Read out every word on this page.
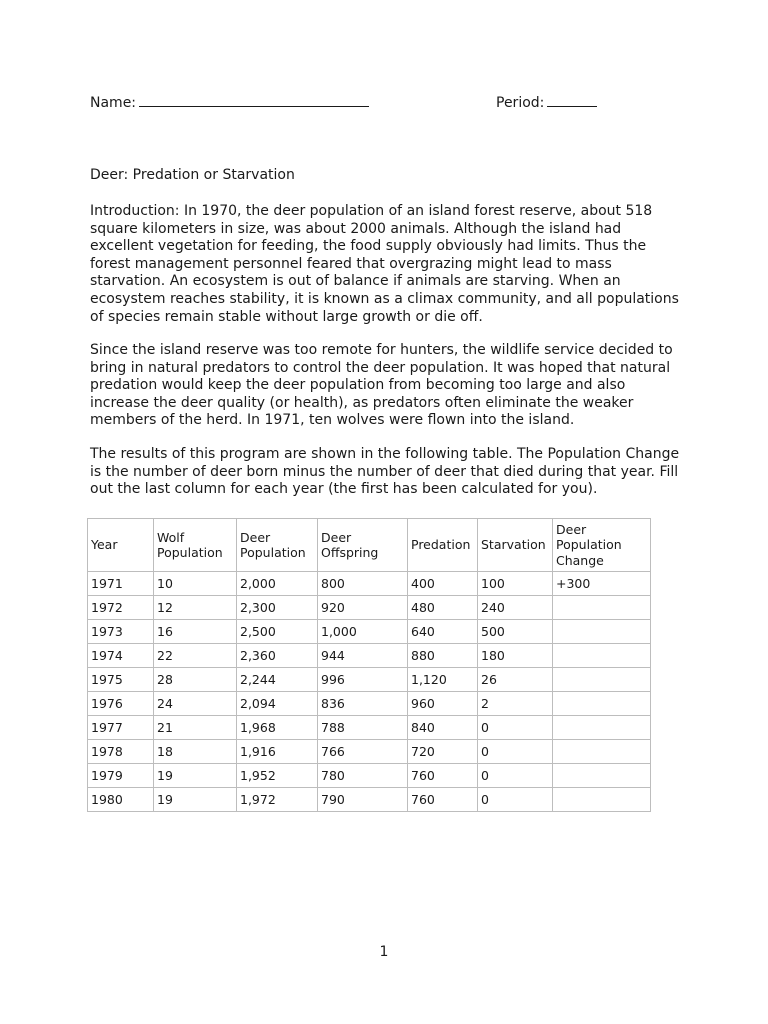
Name:	Period:
Deer: Predation or Starvation

Introduction: In 1970, the deer population of an island forest reserve, about 518 square kilometers in size, was about 2000 animals. Although the island had excellent vegetation for feeding, the food supply obviously had limits. Thus the forest management personnel feared that overgrazing might lead to mass starvation. An ecosystem is out of balance if animals are starving. When an ecosystem reaches stability, it is known as a climax community, and all populations of species remain stable without large growth or die off.

Since the island reserve was too remote for hunters, the wildlife service decided to bring in natural predators to control the deer population. It was hoped that natural predation would keep the deer population from becoming too large and also increase the deer quality (or health), as predators often eliminate the weaker members of the herd. In 1971, ten wolves were flown into the island.

The results of this program are shown in the following table. The Population Change is the number of deer born minus the number of deer that died during that year. Fill out the last column for each year (the first has been calculated for you).

Year	Wolf Population	Deer Population	Deer Offspring	Predation	Starvation	Deer Population Change
1971	10	2,000	800	400	100	+300
1972	12	2,300	920	480	240	
1973	16	2,500	1,000	640	500	
1974	22	2,360	944	880	180	
1975	28	2,244	996	1,120	26	
1976	24	2,094	836	960	2	
1977	21	1,968	788	840	0	
1978	18	1,916	766	720	0	
1979	19	1,952	780	760	0	
1980	19	1,972	790	760	0	
1
